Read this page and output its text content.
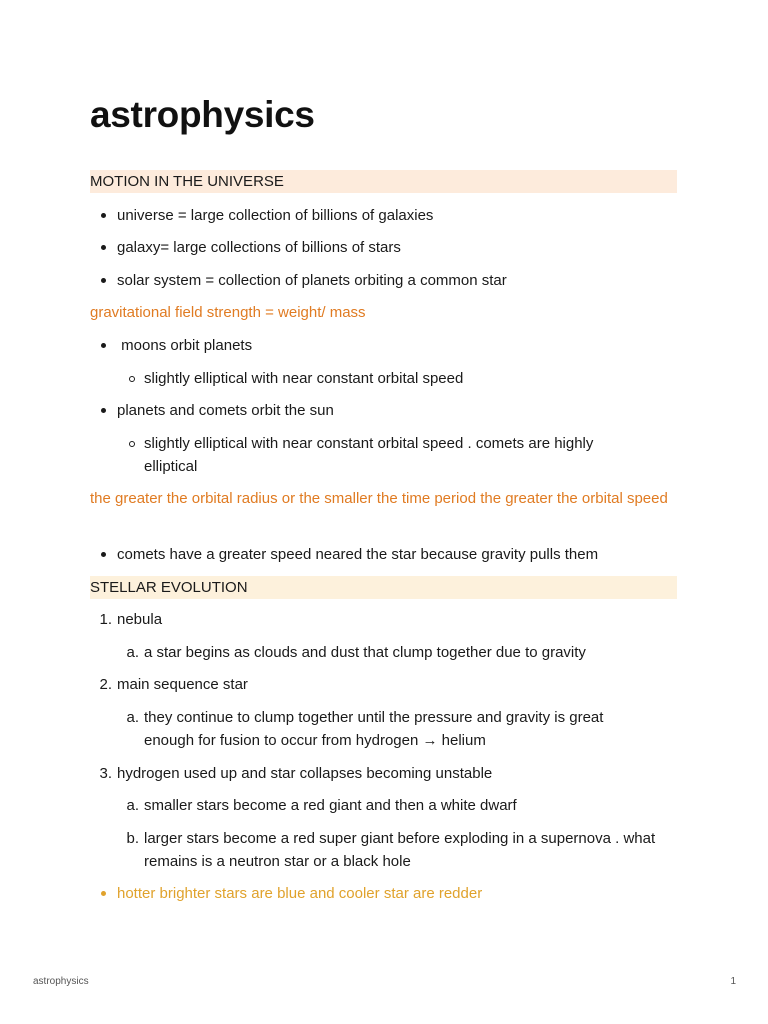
astrophysics
MOTION IN THE UNIVERSE
universe = large collection of billions of galaxies
galaxy= large collections of billions of stars
solar system = collection of planets orbiting a common star
gravitational field strength = weight/ mass
moons orbit planets
slightly elliptical with near constant orbital speed
planets and comets orbit the sun
slightly elliptical with near constant orbital speed . comets are highly elliptical
the greater the orbital radius or the smaller the time period the greater the orbital speed
comets have a greater speed neared the star because gravity pulls them
STELLAR EVOLUTION
1. nebula
a. a star begins as clouds and dust that clump together due to gravity
2. main sequence star
a. they continue to clump together until the pressure and gravity is great enough for fusion to occur from hydrogen → helium
3. hydrogen used up and star collapses becoming unstable
a. smaller stars become a red giant and then a white dwarf
b. larger stars become a red super giant before exploding in a supernova . what remains is a neutron star or a black hole
hotter brighter stars are blue and cooler star are redder
astrophysics	1
